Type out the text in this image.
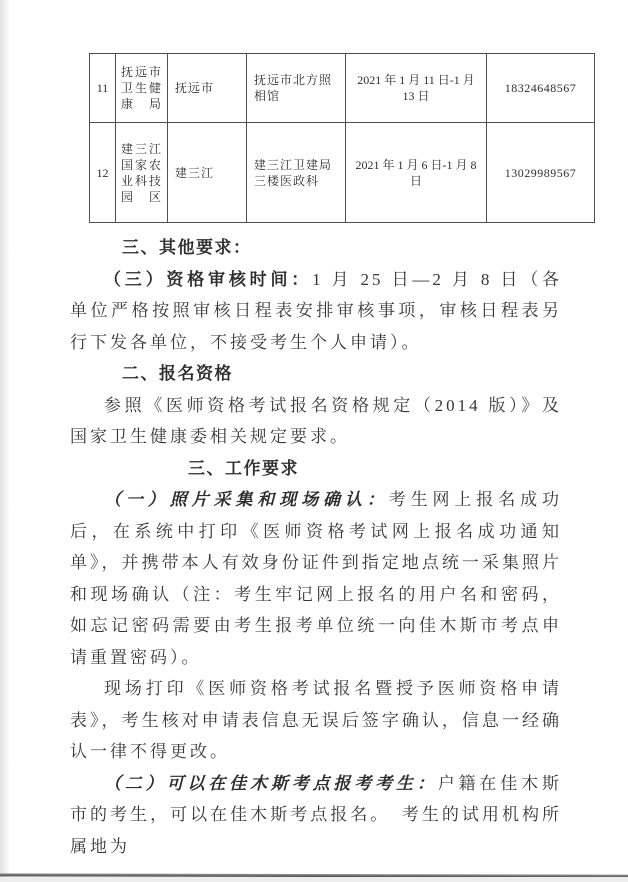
11	抚远市卫生健康局	抚远市	抚远市北方照相馆	2021 年 1 月 11 日-1 月 13 日	18324648567
12	建三江国家农业科技园区	建三江	建三江卫建局三楼医政科	2021 年 1 月 6 日-1 月 8 日	13029989567

三、其他要求：

（三）资格审核时间：1 月 25 日—2 月 8 日（各单位严格按照审核日程表安排审核事项，审核日程表另行下发各单位，不接受考生个人申请）。

二、报名资格

参照《医师资格考试报名资格规定（2014 版）》及国家卫生健康委相关规定要求。

三、工作要求

（一）照片采集和现场确认：考生网上报名成功后，在系统中打印《医师资格考试网上报名成功通知单》，并携带本人有效身份证件到指定地点统一采集照片和现场确认（注：考生牢记网上报名的用户名和密码，如忘记密码需要由考生报考单位统一向佳木斯市考点申请重置密码）。

现场打印《医师资格考试报名暨授予医师资格申请表》，考生核对申请表信息无误后签字确认，信息一经确认一律不得更改。

（二）可以在佳木斯考点报考考生：户籍在佳木斯市的考生，可以在佳木斯考点报名。　考生的试用机构所属地为
